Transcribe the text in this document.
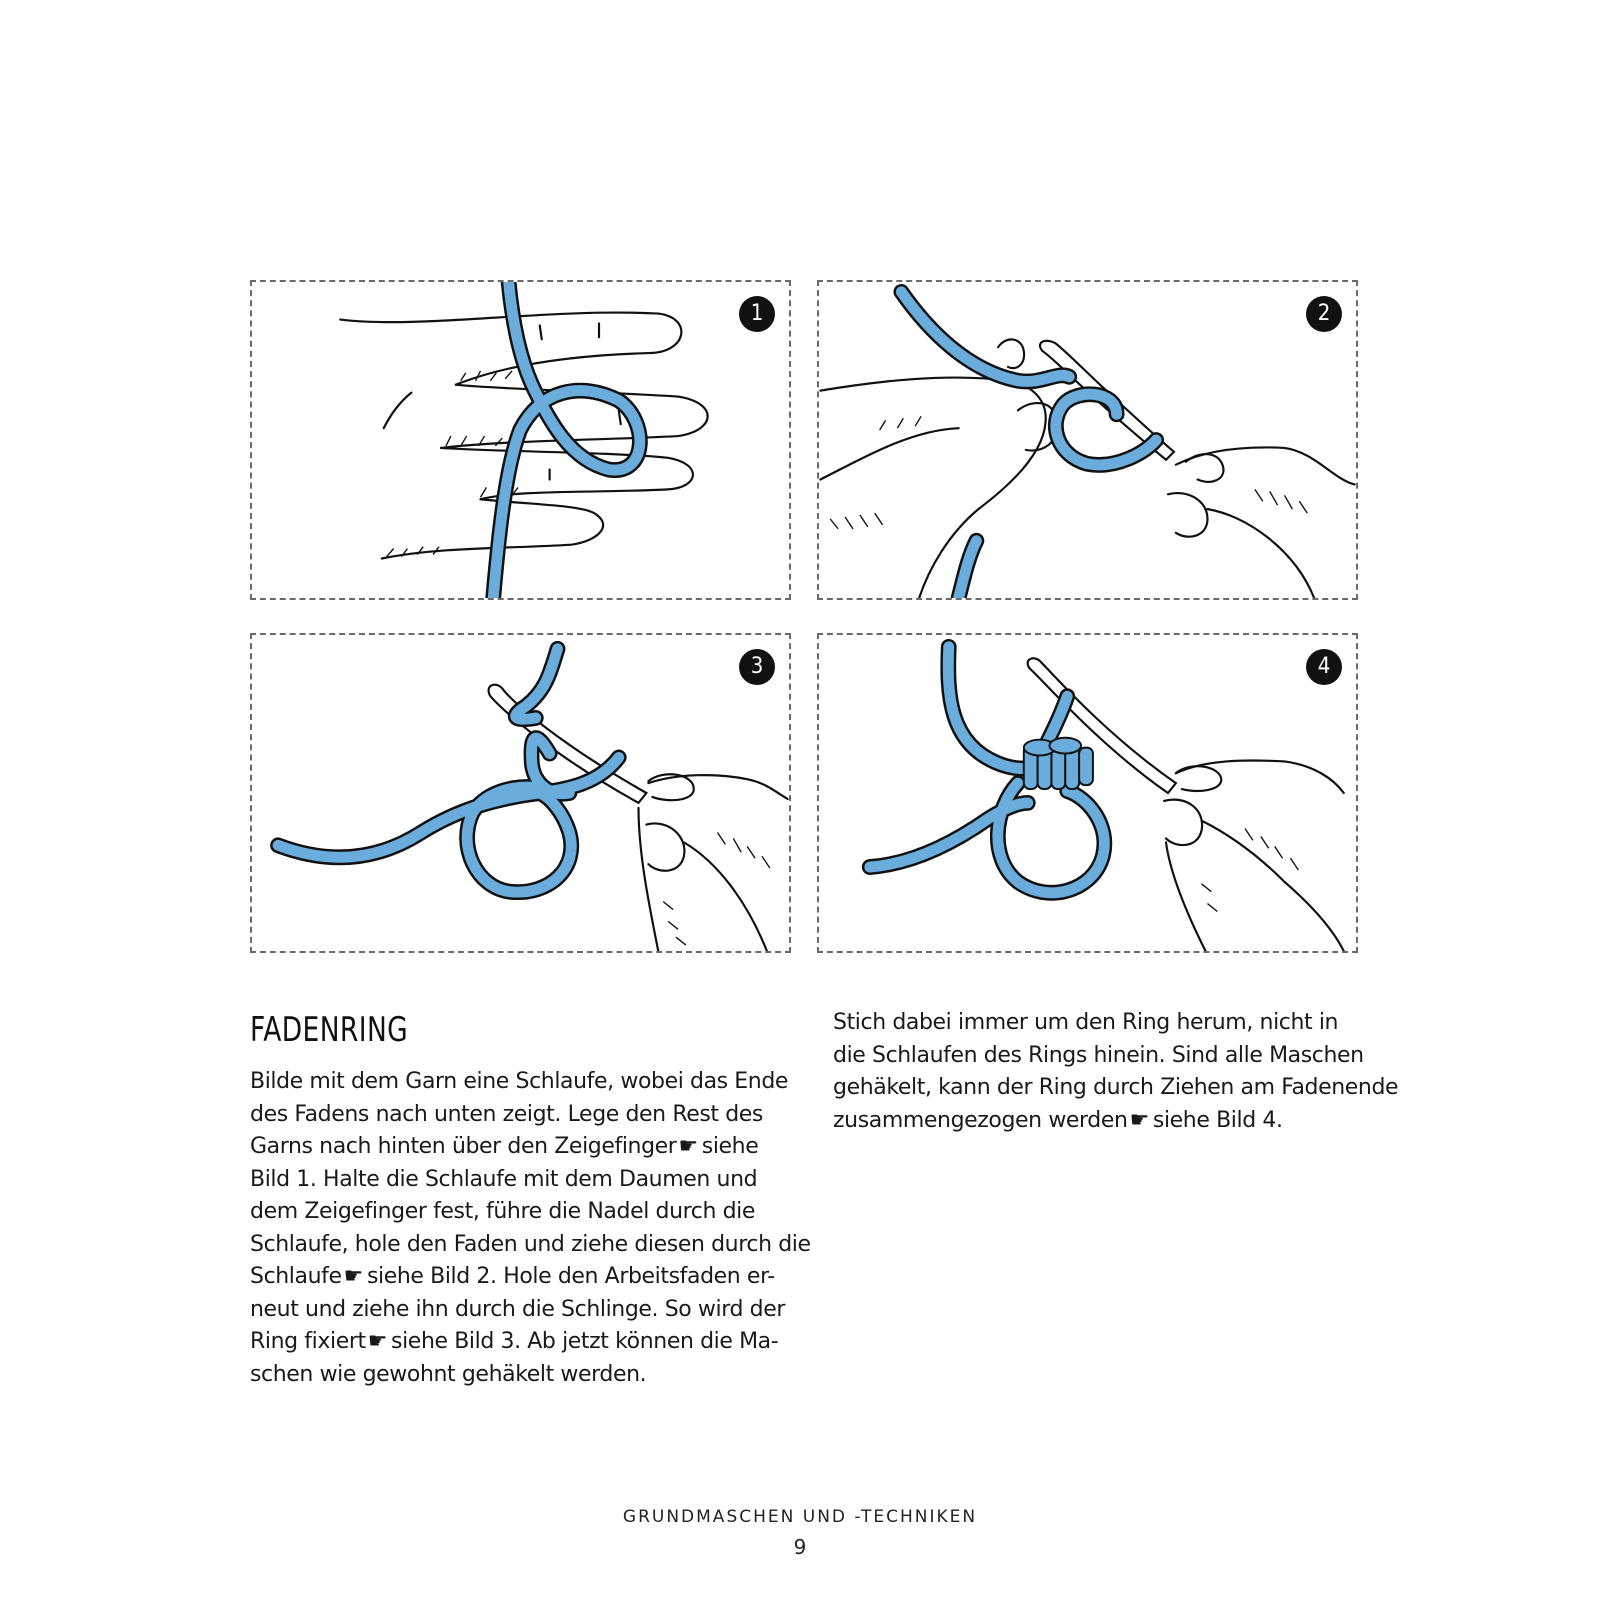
1	2
3	4
FADENRING
Bilde mit dem Garn eine Schlaufe, wobei das Ende
des Fadens nach unten zeigt. Lege den Rest des
Garns nach hinten über den Zeigefinger☛ siehe
Bild 1. Halte die Schlaufe mit dem Daumen und
dem Zeigefinger fest, führe die Nadel durch die
Schlaufe, hole den Faden und ziehe diesen durch die
Schlaufe☛ siehe Bild 2. Hole den Arbeitsfaden er-
neut und ziehe ihn durch die Schlinge. So wird der
Ring fixiert☛ siehe Bild 3. Ab jetzt können die Ma-
schen wie gewohnt gehäkelt werden.
Stich dabei immer um den Ring herum, nicht in
die Schlaufen des Rings hinein. Sind alle Maschen
gehäkelt, kann der Ring durch Ziehen am Fadenende
zusammengezogen werden☛ siehe Bild 4.
GRUNDMASCHEN UND -TECHNIKEN
9
